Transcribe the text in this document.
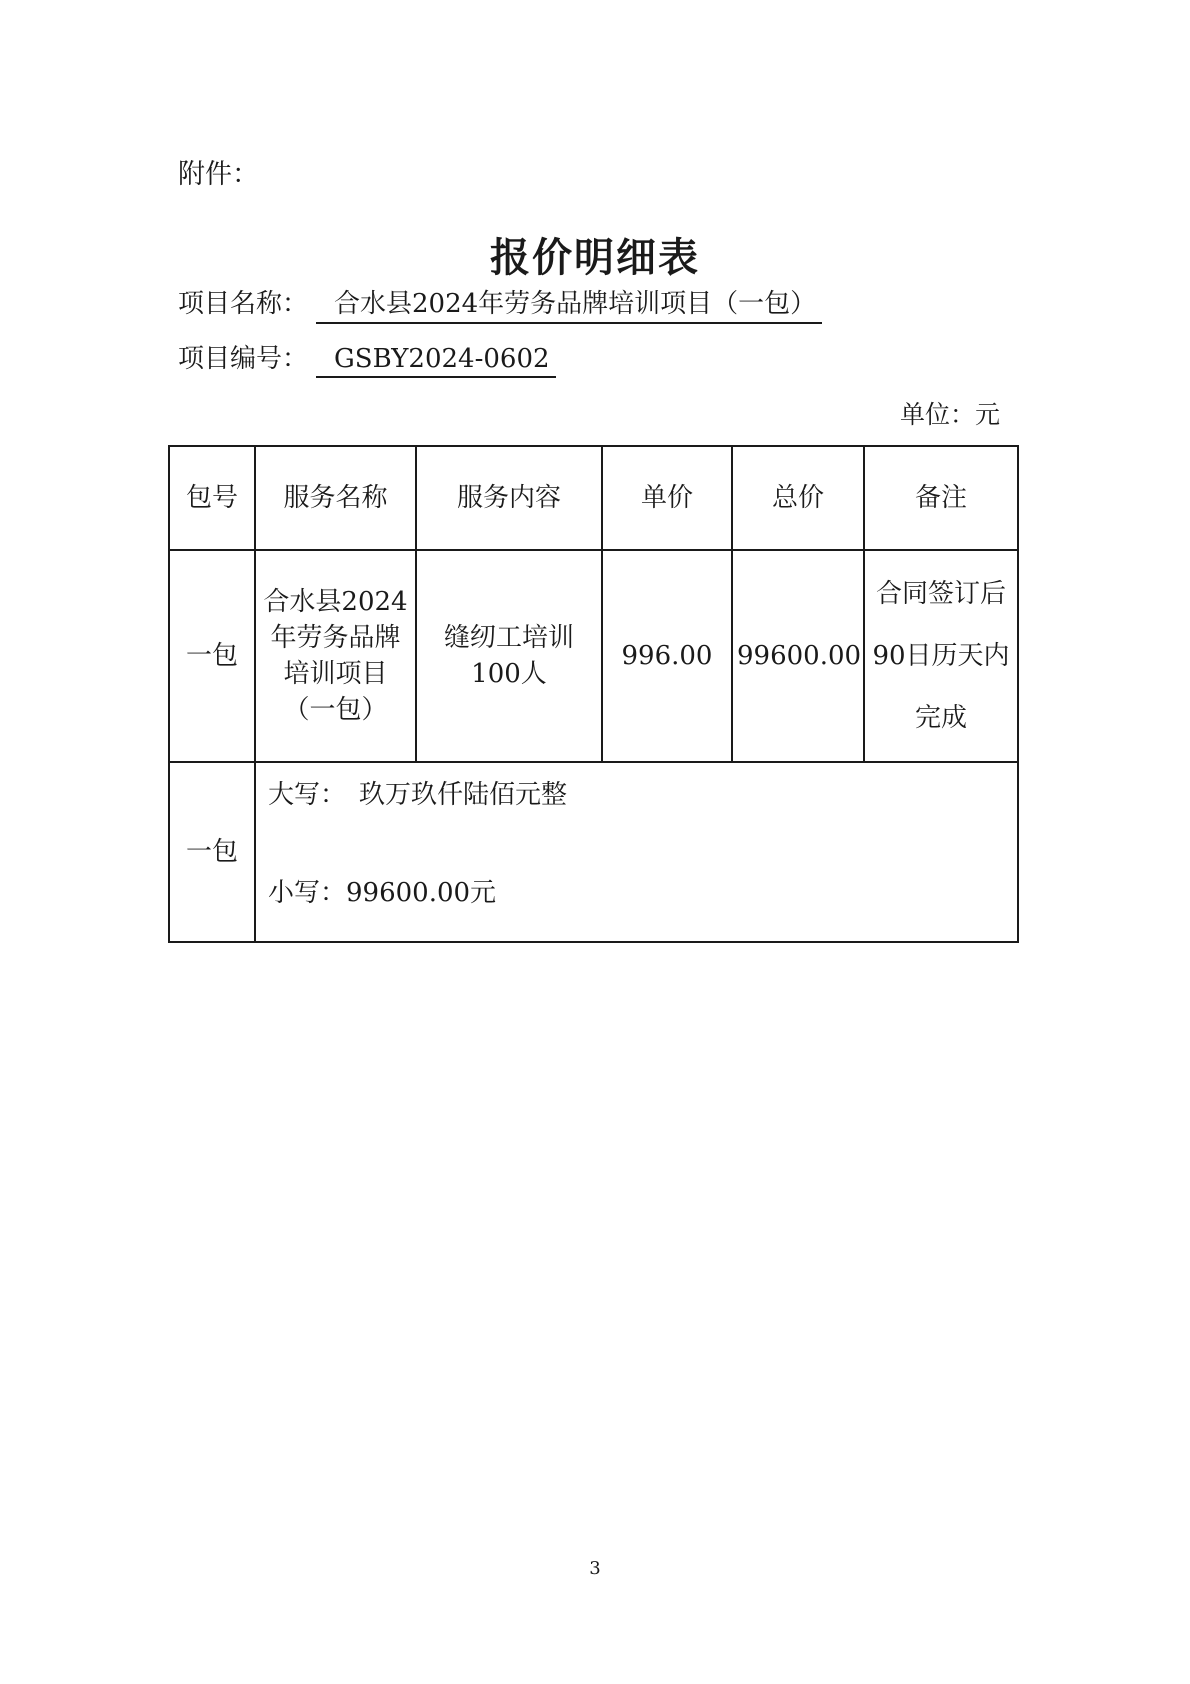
附件：
报价明细表
项目名称： 合水县2024年劳务品牌培训项目（一包）
项目编号： GSBY2024-0602
单位：元
包号	服务名称	服务内容	单价	总价	备注
一包	合水县2024年劳务品牌培训项目（一包）	缝纫工培训100人	996.00	99600.00	合同签订后90日历天内完成
一包	大写：　玖万玖仟陆佰元整
小写：99600.00元				
3
